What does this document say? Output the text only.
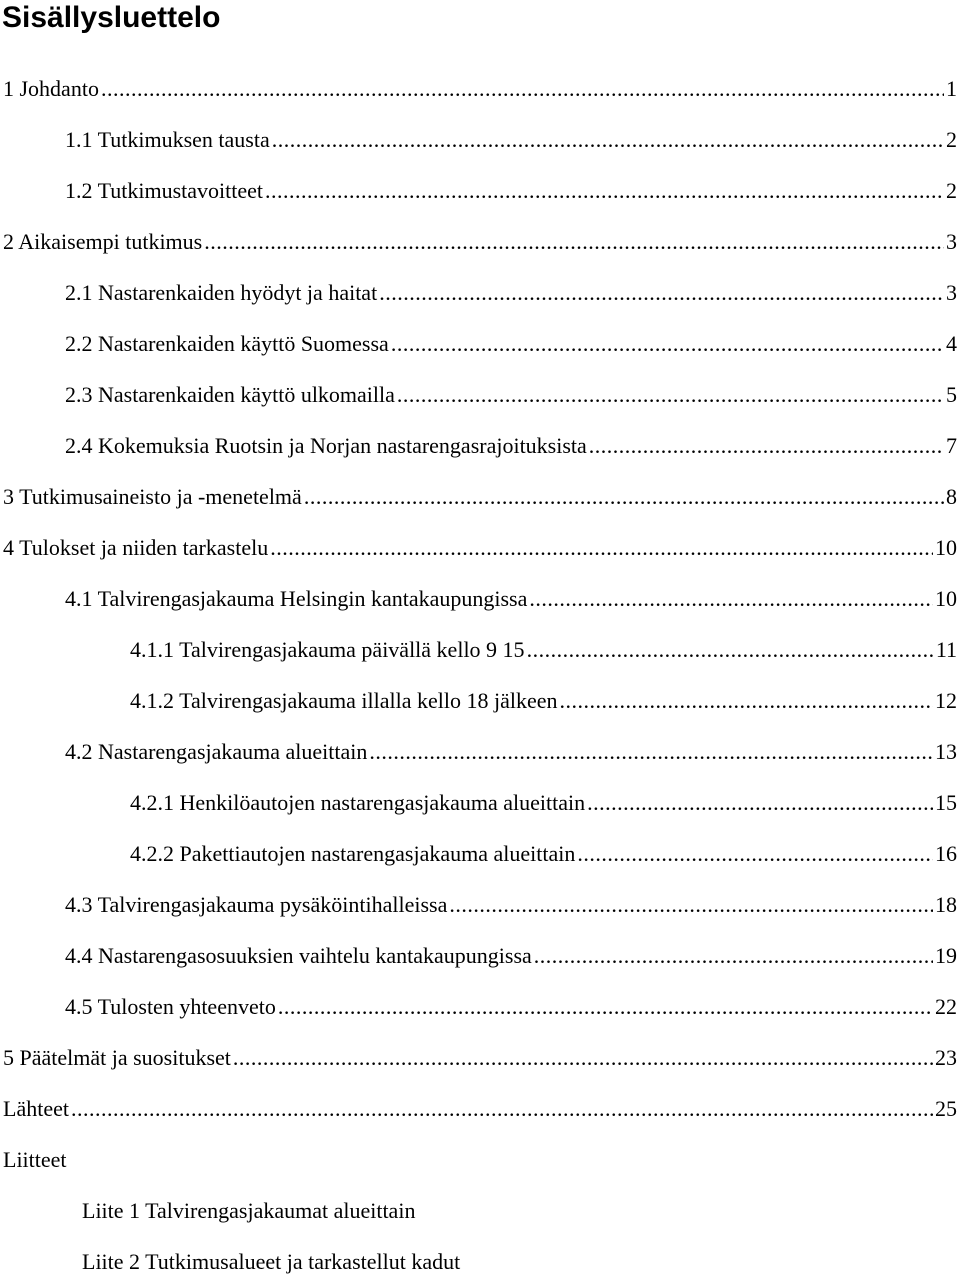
Sisällysluettelo
1 Johdanto .....	1
1.1 Tutkimuksen tausta .....	2
1.2 Tutkimustavoitteet .....	2
2 Aikaisempi tutkimus .....	3
2.1 Nastarenkaiden hyödyt ja haitat .....	3
2.2 Nastarenkaiden käyttö Suomessa .....	4
2.3 Nastarenkaiden käyttö ulkomailla .....	5
2.4 Kokemuksia Ruotsin ja Norjan nastarengasrajoituksista .....	7
3 Tutkimusaineisto ja -menetelmä .....	8
4 Tulokset ja niiden tarkastelu .....	10
4.1 Talvirengasjakauma Helsingin kantakaupungissa .....	10
4.1.1 Talvirengasjakauma päivällä kello 9 15 .....	11
4.1.2 Talvirengasjakauma illalla kello 18 jälkeen .....	12
4.2 Nastarengasjakauma alueittain .....	13
4.2.1 Henkilöautojen nastarengasjakauma alueittain .....	15
4.2.2 Pakettiautojen nastarengasjakauma alueittain .....	16
4.3 Talvirengasjakauma pysäköintihalleissa .....	18
4.4 Nastarengasosuuksien vaihtelu kantakaupungissa .....	19
4.5 Tulosten yhteenveto .....	22
5 Päätelmät ja suositukset .....	23
Lähteet .....	25
Liitteet
Liite 1 Talvirengasjakaumat alueittain
Liite 2 Tutkimusalueet ja tarkastellut kadut
